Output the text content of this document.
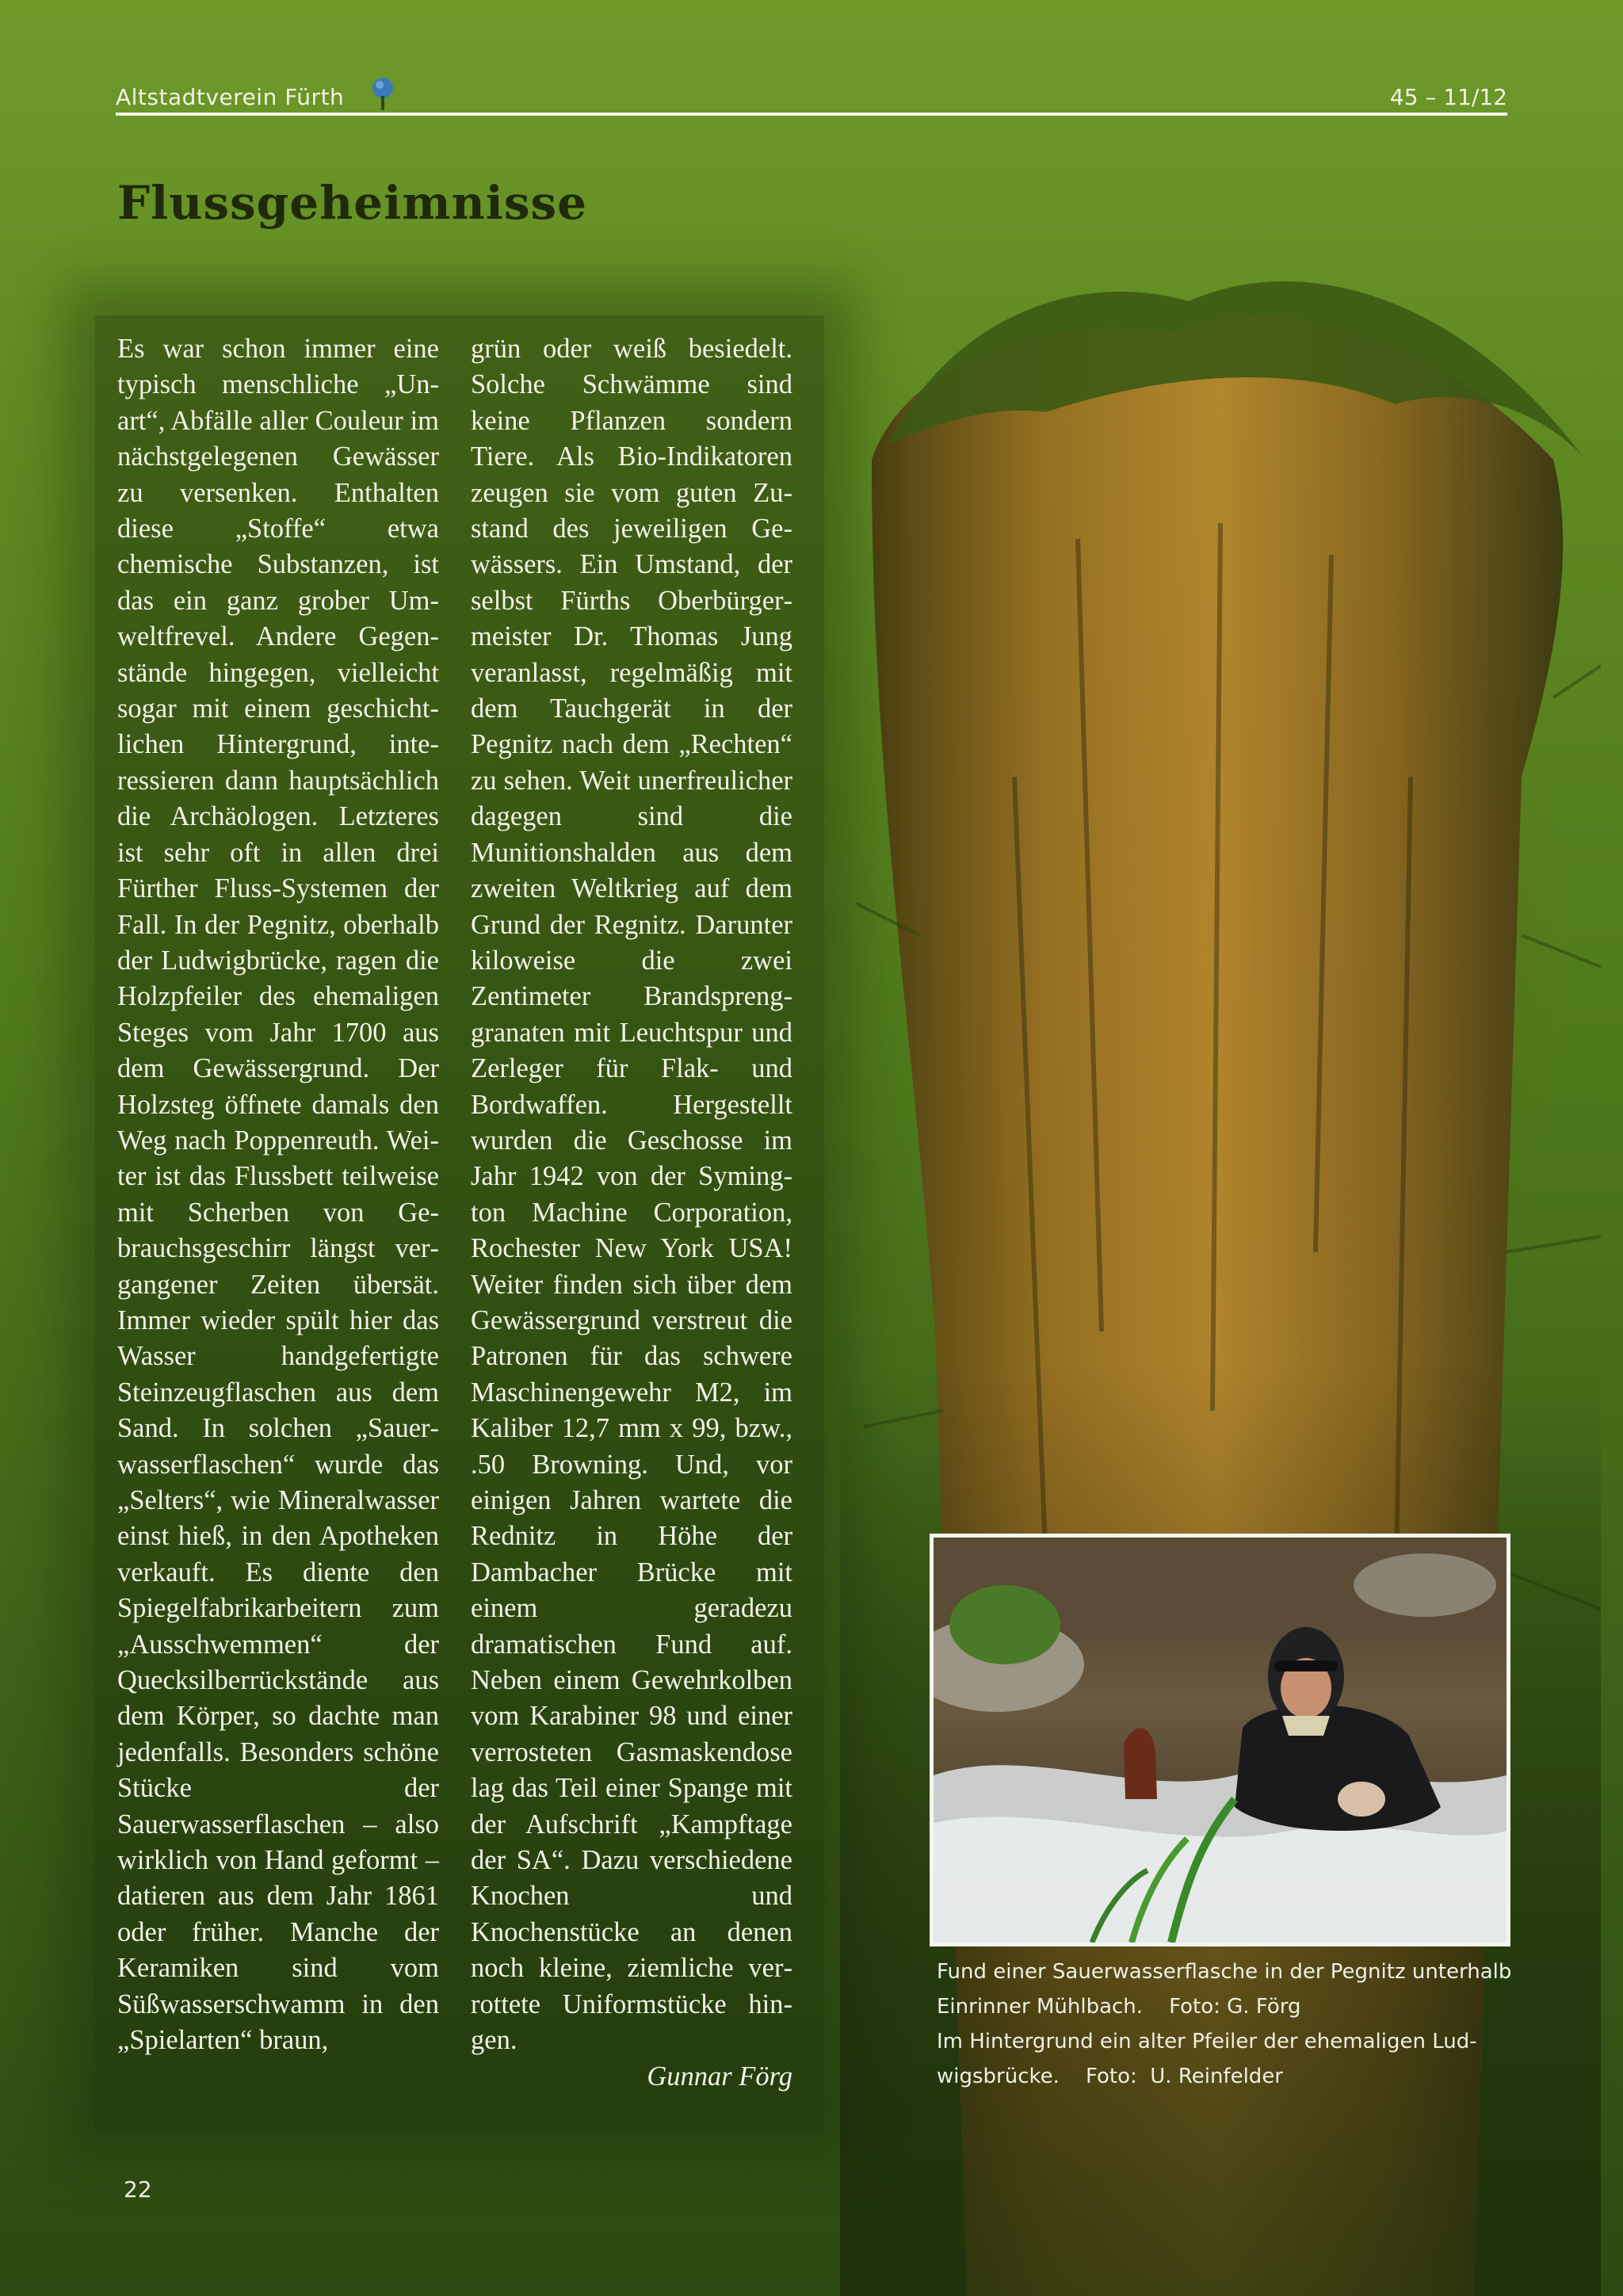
Altstadtverein Fürth	45 – 11/12
Flussgeheimnisse

Es war schon immer eine typisch menschliche „Unart“, Abfälle aller Couleur im nächstgelegenen Gewässer zu versenken. Enthalten diese „Stoffe“ etwa chemische Substanzen, ist das ein ganz grober Umweltfrevel. Andere Gegenstände hingegen, vielleicht sogar mit einem geschichtlichen Hintergrund, interessieren dann hauptsächlich die Archäologen. Letzteres ist sehr oft in allen drei Fürther Fluss-Systemen der Fall. In der Pegnitz, oberhalb der Ludwigbrücke, ragen die Holzpfeiler des ehemaligen Steges vom Jahr 1700 aus dem Gewässergrund. Der Holzsteg öffnete damals den Weg nach Poppenreuth. Weiter ist das Flussbett teilweise mit Scherben von Gebrauchsgeschirr längst vergangener Zeiten übersät. Immer wieder spült hier das Wasser handgefertigte Steinzeugflaschen aus dem Sand. In solchen „Sauerwasserflaschen“ wurde das „Selters“, wie Mineralwasser einst hieß, in den Apotheken verkauft. Es diente den Spiegelfabrikarbeitern zum „Ausschwemmen“ der Quecksilberrückstände aus dem Körper, so dachte man jedenfalls. Besonders schöne Stücke der Sauerwasserflaschen – also wirklich von Hand geformt – datieren aus dem Jahr 1861 oder früher. Manche der Keramiken sind vom Süßwasserschwamm in den „Spielarten“ braun,

grün oder weiß besiedelt. Solche Schwämme sind keine Pflanzen sondern Tiere. Als Bio-Indikatoren zeugen sie vom guten Zustand des jeweiligen Gewässers. Ein Umstand, der selbst Fürths Oberbürgermeister Dr. Thomas Jung veranlasst, regelmäßig mit dem Tauchgerät in der Pegnitz nach dem „Rechten“ zu sehen. Weit unerfreulicher dagegen sind die Munitionshalden aus dem zweiten Weltkrieg auf dem Grund der Regnitz. Darunter kiloweise die zwei Zentimeter Brandsprenggranaten mit Leuchtspur und Zerleger für Flak- und Bordwaffen. Hergestellt wurden die Geschosse im Jahr 1942 von der Symington Machine Corporation, Rochester New York USA! Weiter finden sich über dem Gewässergrund verstreut die Patronen für das schwere Maschinengewehr M2, im Kaliber 12,7 mm x 99, bzw., .50 Browning. Und, vor einigen Jahren wartete die Rednitz in Höhe der Dambacher Brücke mit einem geradezu dramatischen Fund auf. Neben einem Gewehrkolben vom Karabiner 98 und einer verrosteten Gasmaskendose lag das Teil einer Spange mit der Aufschrift „Kampftage der SA“. Dazu verschiedene Knochen und Knochenstücke an denen noch kleine, ziemliche verrottete Uniformstücke hingen.

Gunnar Förg

Fund einer Sauerwasserflasche in der Pegnitz unterhalb
Einrinner Mühlbach.    Foto: G. Förg
Im Hintergrund ein alter Pfeiler der ehemaligen Lud-
wigsbrücke.    Foto:  U. Reinfelder
22
